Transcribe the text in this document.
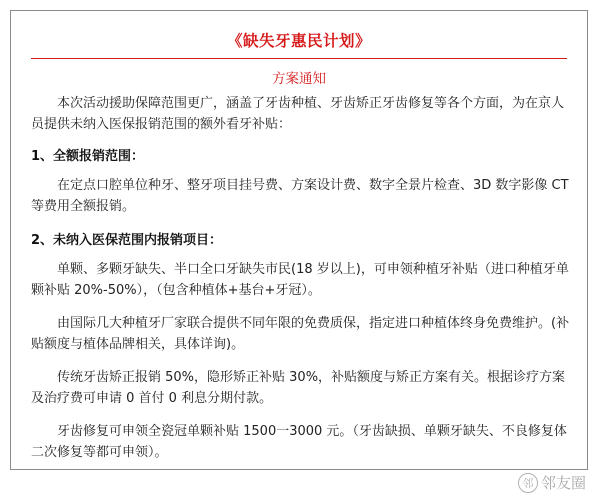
《缺失牙惠民计划》
方案通知

本次活动援助保障范围更广，涵盖了牙齿种植、牙齿矫正牙齿修复等各个方面，为在京人员提供未纳入医保报销范围的额外看牙补贴：

1、全额报销范围：

在定点口腔单位种牙、整牙项目挂号费、方案设计费、数字全景片检查、3D 数字影像 CT 等费用全额报销。

2、未纳入医保范围内报销项目：

单颗、多颗牙缺失、半口全口牙缺失市民(18 岁以上)，可申领种植牙补贴（进口种植牙单颗补贴 20%-50%），（包含种植体+基台+牙冠）。

由国际几大种植牙厂家联合提供不同年限的免费质保，指定进口种植体终身免费维护。(补贴额度与植体品牌相关，具体详询)。

传统牙齿矫正报销 50%，隐形矫正补贴 30%，补贴额度与矫正方案有关。根据诊疗方案及治疗费可申请 0 首付 0 利息分期付款。

牙齿修复可申领全瓷冠单颗补贴 1500一3000 元。（牙齿缺损、单颗牙缺失、不良修复体二次修复等都可申领）。

邻 邻友圈
